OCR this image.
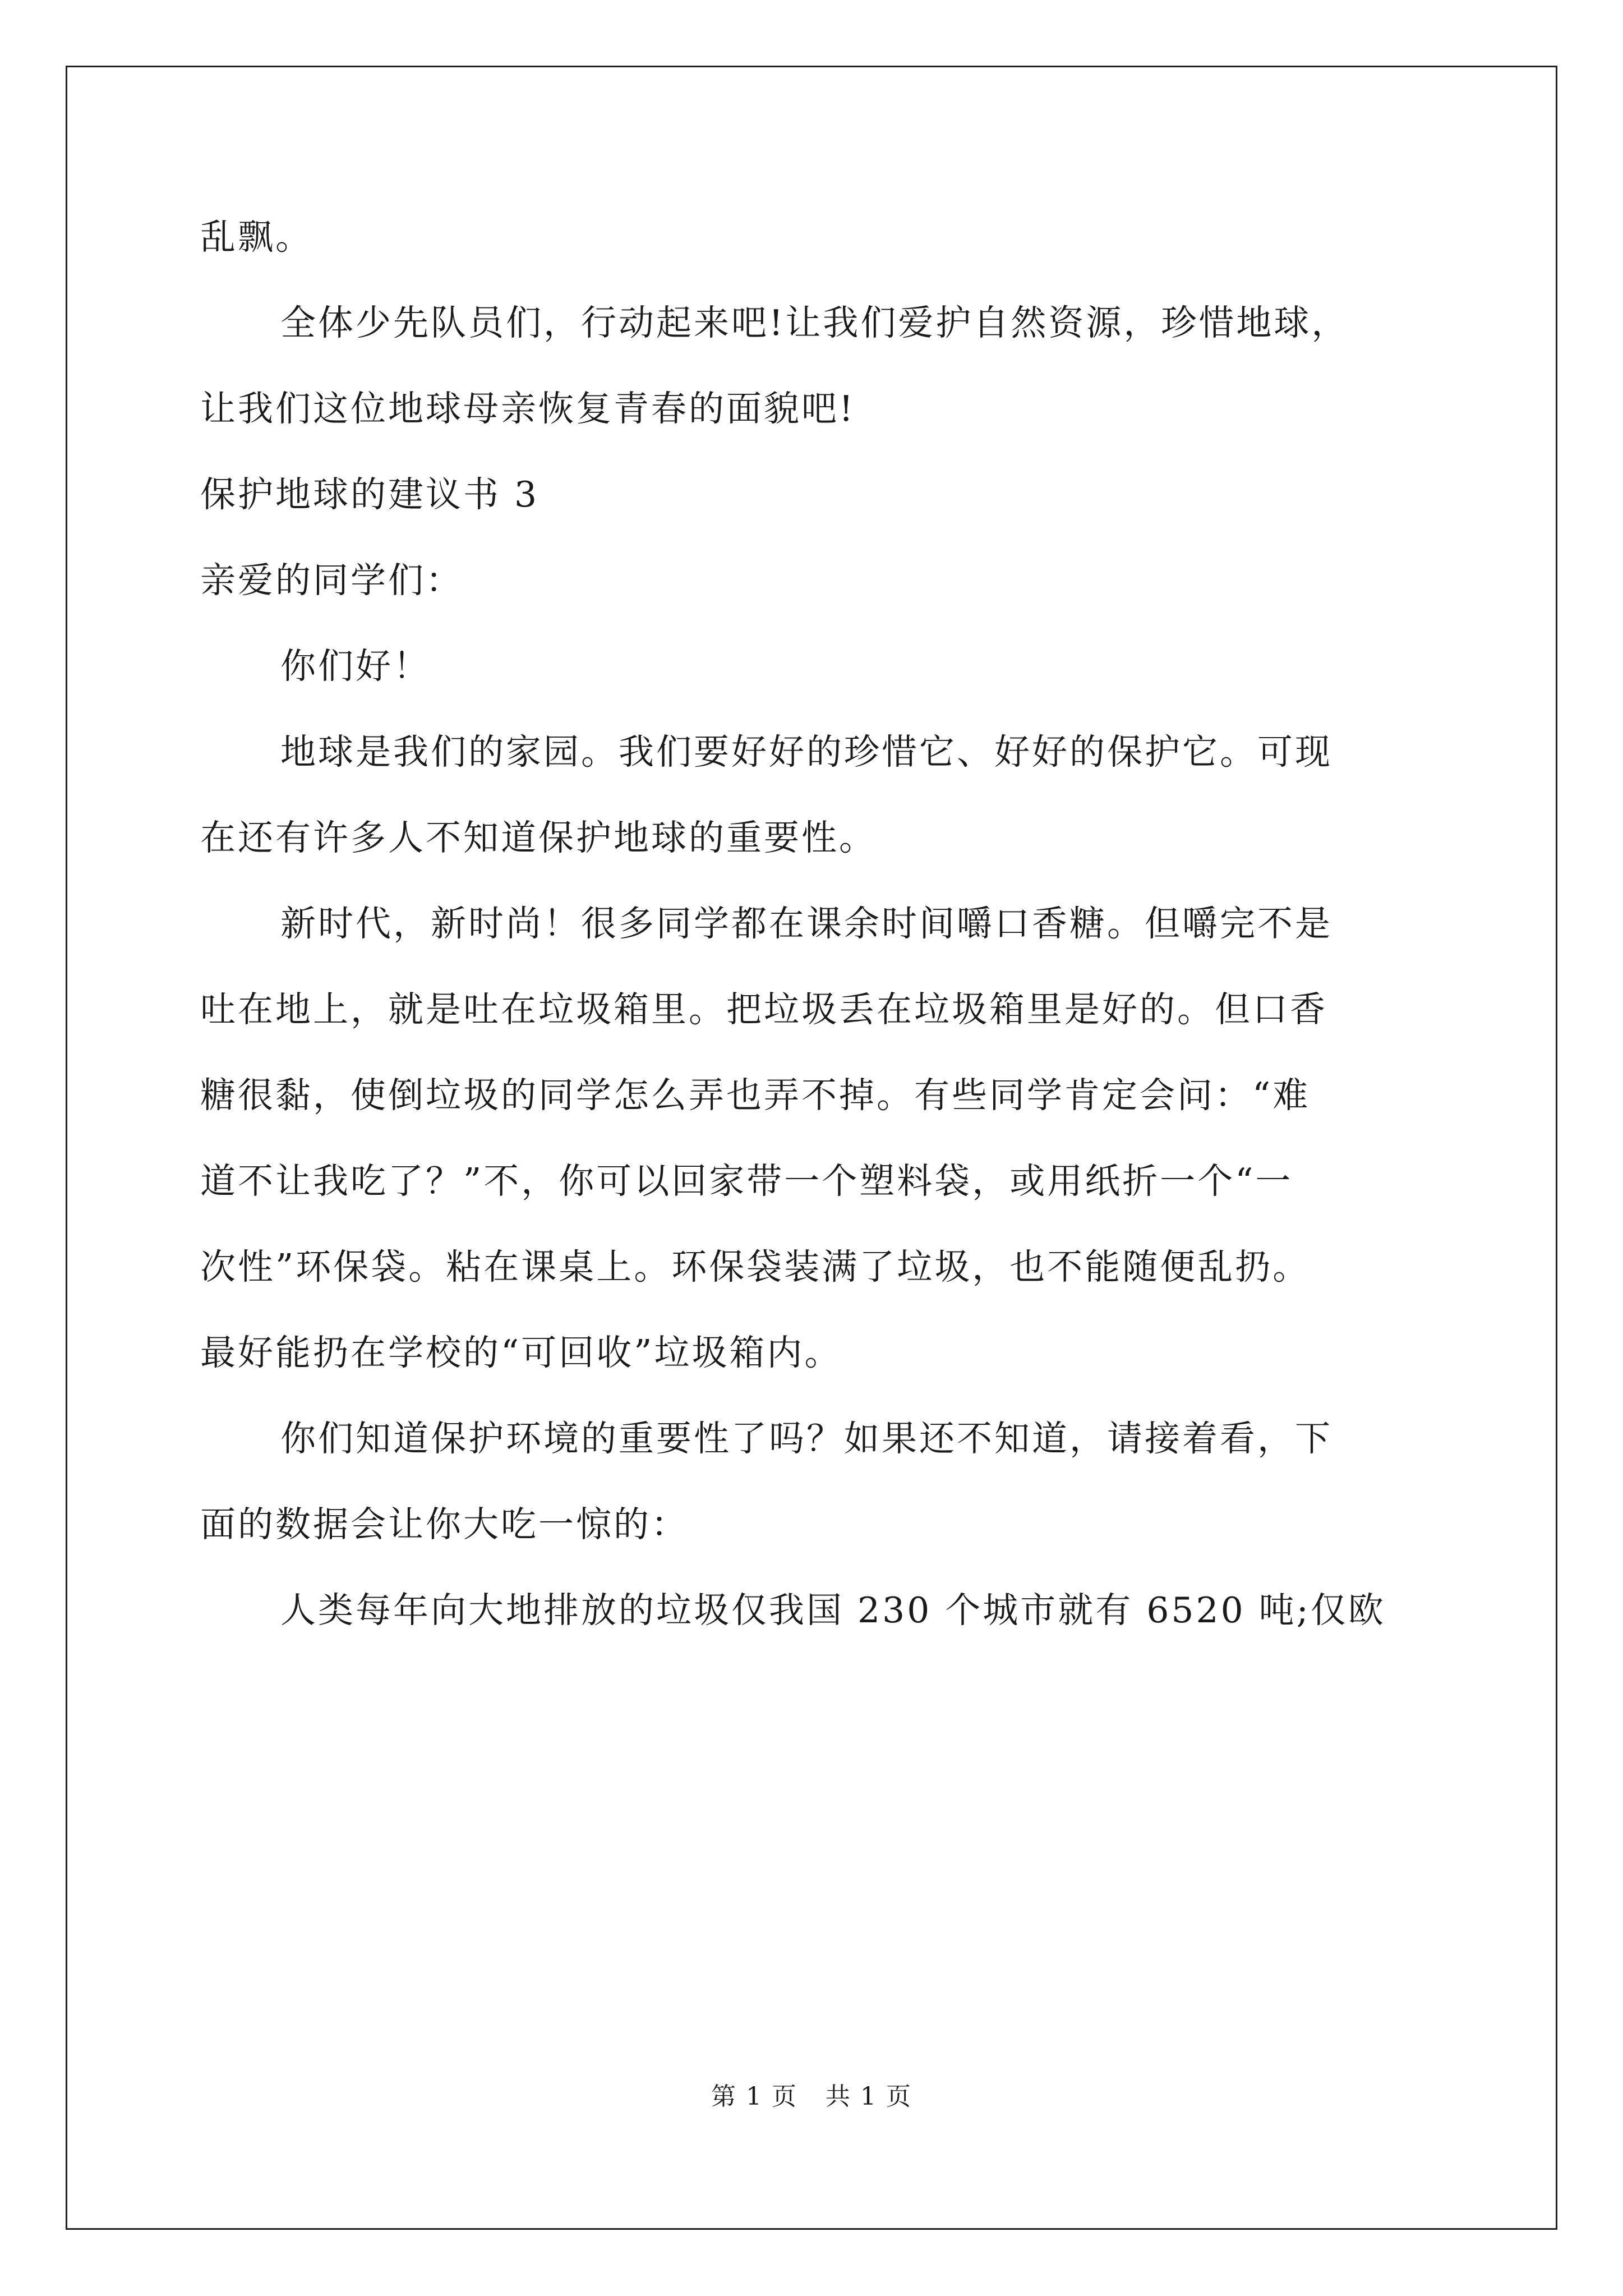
乱飘。
全体少先队员们，行动起来吧!让我们爱护自然资源，珍惜地球，
让我们这位地球母亲恢复青春的面貌吧!
保护地球的建议书 3
亲爱的同学们：
你们好！
地球是我们的家园。我们要好好的珍惜它、好好的保护它。可现
在还有许多人不知道保护地球的重要性。
新时代，新时尚！很多同学都在课余时间嚼口香糖。但嚼完不是
吐在地上，就是吐在垃圾箱里。把垃圾丢在垃圾箱里是好的。但口香
糖很黏，使倒垃圾的同学怎么弄也弄不掉。有些同学肯定会问：“难
道不让我吃了？”不，你可以回家带一个塑料袋，或用纸折一个“一
次性”环保袋。粘在课桌上。环保袋装满了垃圾，也不能随便乱扔。
最好能扔在学校的“可回收”垃圾箱内。
你们知道保护环境的重要性了吗？如果还不知道，请接着看，下
面的数据会让你大吃一惊的：
人类每年向大地排放的垃圾仅我国 230 个城市就有 6520 吨;仅欧
第 1 页 共 1 页
